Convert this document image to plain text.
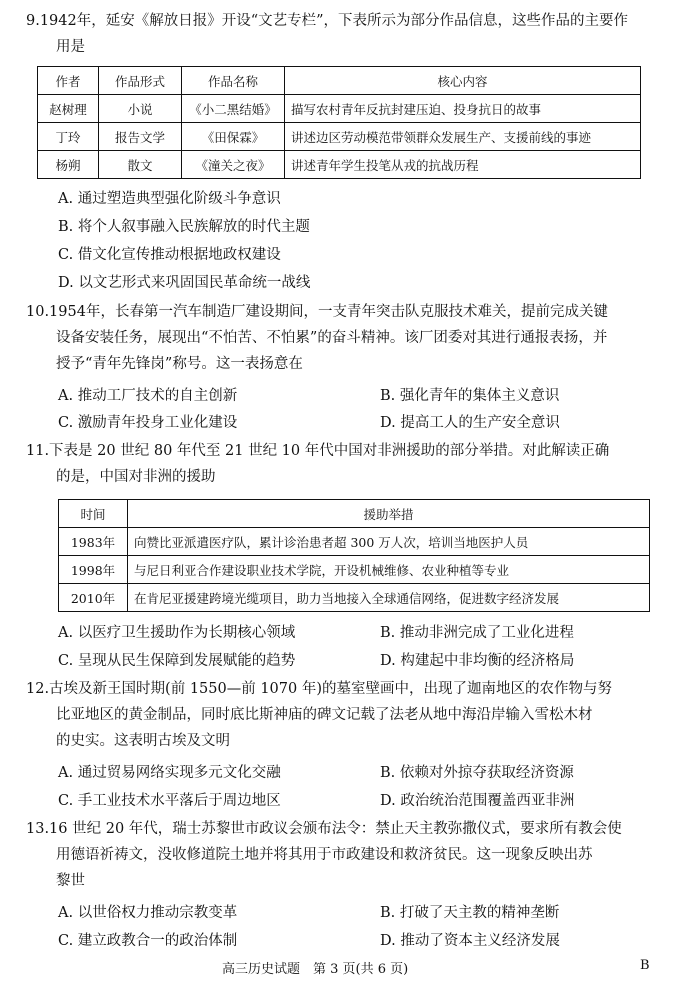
9.1942年，延安《解放日报》开设“文艺专栏”，下表所示为部分作品信息，这些作品的主要作
用是
作者	作品形式	作品名称	核心内容
赵树理	小说	《小二黑结婚》	描写农村青年反抗封建压迫、投身抗日的故事
丁玲	报告文学	《田保霖》	讲述边区劳动模范带领群众发展生产、支援前线的事迹
杨朔	散文	《潼关之夜》	讲述青年学生投笔从戎的抗战历程
A. 通过塑造典型强化阶级斗争意识
B. 将个人叙事融入民族解放的时代主题
C. 借文化宣传推动根据地政权建设
D. 以文艺形式来巩固国民革命统一战线
10.1954年，长春第一汽车制造厂建设期间，一支青年突击队克服技术难关，提前完成关键
设备安装任务，展现出“不怕苦、不怕累”的奋斗精神。该厂团委对其进行通报表扬，并
授予“青年先锋岗”称号。这一表扬意在
A. 推动工厂技术的自主创新	B. 强化青年的集体主义意识
C. 激励青年投身工业化建设	D. 提高工人的生产安全意识
11.下表是 20 世纪 80 年代至 21 世纪 10 年代中国对非洲援助的部分举措。对此解读正确
的是，中国对非洲的援助
时间	援助举措
1983年	向赞比亚派遣医疗队，累计诊治患者超 300 万人次，培训当地医护人员
1998年	与尼日利亚合作建设职业技术学院，开设机械维修、农业种植等专业
2010年	在肯尼亚援建跨境光缆项目，助力当地接入全球通信网络，促进数字经济发展
A. 以医疗卫生援助作为长期核心领域	B. 推动非洲完成了工业化进程
C. 呈现从民生保障到发展赋能的趋势	D. 构建起中非均衡的经济格局
12.古埃及新王国时期(前 1550—前 1070 年)的墓室壁画中，出现了迦南地区的农作物与努
比亚地区的黄金制品，同时底比斯神庙的碑文记载了法老从地中海沿岸输入雪松木材
的史实。这表明古埃及文明
A. 通过贸易网络实现多元文化交融	B. 依赖对外掠夺获取经济资源
C. 手工业技术水平落后于周边地区	D. 政治统治范围覆盖西亚非洲
13.16 世纪 20 年代，瑞士苏黎世市政议会颁布法令：禁止天主教弥撒仪式，要求所有教会使
用德语祈祷文，没收修道院土地并将其用于市政建设和救济贫民。这一现象反映出苏
黎世
A. 以世俗权力推动宗教变革	B. 打破了天主教的精神垄断
C. 建立政教合一的政治体制	D. 推动了资本主义经济发展
高三历史试题　第 3 页(共 6 页)	B
